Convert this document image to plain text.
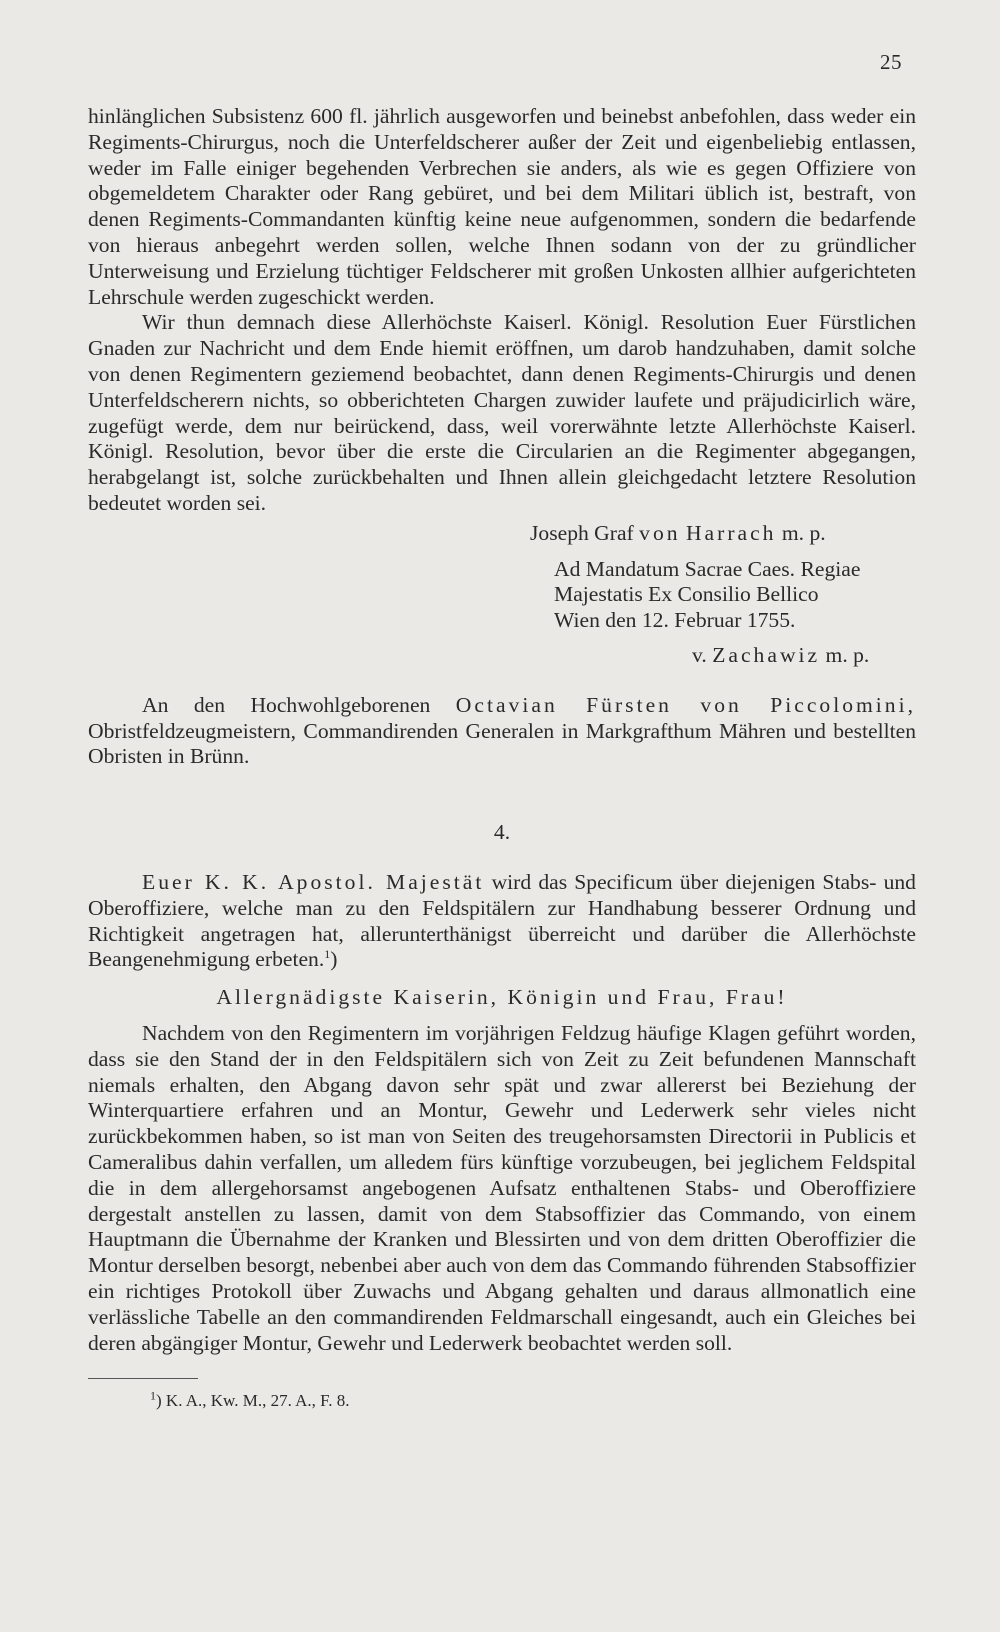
25

hinlänglichen Subsistenz 600 fl. jährlich ausgeworfen und beinebst anbefohlen, dass weder ein Regiments-Chirurgus, noch die Unterfeldscherer außer der Zeit und eigenbeliebig entlassen, weder im Falle einiger begehenden Verbrechen sie anders, als wie es gegen Offiziere von obgemeldetem Charakter oder Rang gebüret, und bei dem Militari üblich ist, bestraft, von denen Regiments-Commandanten künftig keine neue aufgenommen, sondern die bedarfende von hieraus anbegehrt werden sollen, welche Ihnen sodann von der zu gründlicher Unterweisung und Erzielung tüchtiger Feldscherer mit großen Unkosten allhier aufgerichteten Lehrschule werden zugeschickt werden.

Wir thun demnach diese Allerhöchste Kaiserl. Königl. Resolution Euer Fürstlichen Gnaden zur Nachricht und dem Ende hiemit eröffnen, um darob handzuhaben, damit solche von denen Regimentern geziemend beobachtet, dann denen Regiments-Chirurgis und denen Unterfeldscherern nichts, so obberichteten Chargen zuwider laufete und präjudicirlich wäre, zugefügt werde, dem nur beirückend, dass, weil vorerwähnte letzte Allerhöchste Kaiserl. Königl. Resolution, bevor über die erste die Circularien an die Regimenter abgegangen, herabgelangt ist, solche zurückbehalten und Ihnen allein gleichgedacht letztere Resolution bedeutet worden sei.

Joseph Graf von Harrach m. p.
Ad Mandatum Sacrae Caes. Regiae
Majestatis Ex Consilio Bellico
Wien den 12. Februar 1755.
v. Zachawiz m. p.

An den Hochwohlgeborenen Octavian Fürsten von Piccolomini, Obristfeldzeugmeistern, Commandirenden Generalen in Markgrafthum Mähren und bestellten Obristen in Brünn.

4.

Euer K. K. Apostol. Majestät wird das Specificum über diejenigen Stabs- und Oberoffiziere, welche man zu den Feldspitälern zur Handhabung besserer Ordnung und Richtigkeit angetragen hat, allerunterthänigst überreicht und darüber die Allerhöchste Beangenehmigung erbeten.$^1$)

Allergnädigste Kaiserin, Königin und Frau, Frau!

Nachdem von den Regimentern im vorjährigen Feldzug häufige Klagen geführt worden, dass sie den Stand der in den Feldspitälern sich von Zeit zu Zeit befundenen Mannschaft niemals erhalten, den Abgang davon sehr spät und zwar allererst bei Beziehung der Winterquartiere erfahren und an Montur, Gewehr und Lederwerk sehr vieles nicht zurückbekommen haben, so ist man von Seiten des treugehorsamsten Directorii in Publicis et Cameralibus dahin verfallen, um alledem fürs künftige vorzubeugen, bei jeglichem Feldspital die in dem allergehorsamst angebogenen Aufsatz enthaltenen Stabs- und Oberoffiziere dergestalt anstellen zu lassen, damit von dem Stabsoffizier das Commando, von einem Hauptmann die Übernahme der Kranken und Blessirten und von dem dritten Oberoffizier die Montur derselben besorgt, nebenbei aber auch von dem das Commando führenden Stabsoffizier ein richtiges Protokoll über Zuwachs und Abgang gehalten und daraus allmonatlich eine verlässliche Tabelle an den commandirenden Feldmarschall eingesandt, auch ein Gleiches bei deren abgängiger Montur, Gewehr und Lederwerk beobachtet werden soll.

$^1$) K. A., Kw. M., 27. A., F. 8.
